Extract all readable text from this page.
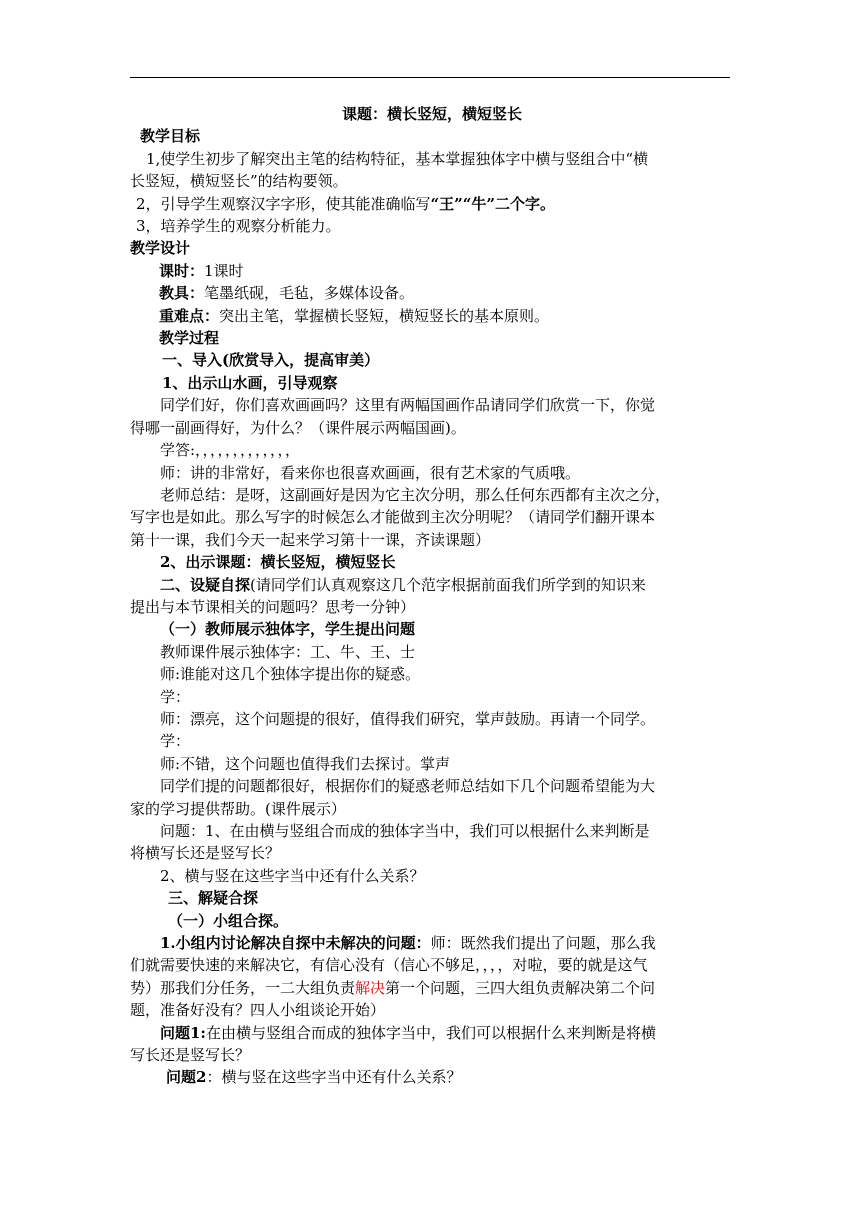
课题：横长竖短，横短竖长
教学目标
1,使学生初步了解突出主笔的结构特征，基本掌握独体字中横与竖组合中“横
长竖短，横短竖长”的结构要领。
2，引导学生观察汉字字形，使其能准确临写“王”“牛”二个字。
3，培养学生的观察分析能力。
教学设计
课时：1课时
教具：笔墨纸砚，毛毡，多媒体设备。
重难点：突出主笔，掌握横长竖短，横短竖长的基本原则。
教学过程
一、导入(欣赏导入，提高审美）
1、出示山水画，引导观察
同学们好，你们喜欢画画吗？这里有两幅国画作品请同学们欣赏一下，你觉
得哪一副画得好，为什么？（课件展示两幅国画)。
学答:，，，，，，，，，，，，，
师：讲的非常好，看来你也很喜欢画画，很有艺术家的气质哦。
老师总结：是呀，这副画好是因为它主次分明，那么任何东西都有主次之分，
写字也是如此。那么写字的时候怎么才能做到主次分明呢？（请同学们翻开课本
第十一课，我们今天一起来学习第十一课，齐读课题）
2、出示课题：横长竖短，横短竖长
二、设疑自探(请同学们认真观察这几个范字根据前面我们所学到的知识来
提出与本节课相关的问题吗？思考一分钟）
（一）教师展示独体字，学生提出问题
教师课件展示独体字：工、牛、王、士
师:谁能对这几个独体字提出你的疑惑。
学：
师：漂亮，这个问题提的很好，值得我们研究，掌声鼓励。再请一个同学。
学：
师:不错，这个问题也值得我们去探讨。掌声
同学们提的问题都很好，根据你们的疑惑老师总结如下几个问题希望能为大
家的学习提供帮助。(课件展示）
问题：1、在由横与竖组合而成的独体字当中，我们可以根据什么来判断是
将横写长还是竖写长？
2、横与竖在这些字当中还有什么关系？
三、解疑合探
（一）小组合探。
1.小组内讨论解决自探中未解决的问题：师：既然我们提出了问题，那么我
们就需要快速的来解决它，有信心没有（信心不够足，，，，对啦，要的就是这气
势）那我们分任务，一二大组负责解决第一个问题，三四大组负责解决第二个问
题，准备好没有？四人小组谈论开始）
问题1:在由横与竖组合而成的独体字当中，我们可以根据什么来判断是将横
写长还是竖写长？
问题2：横与竖在这些字当中还有什么关系？
